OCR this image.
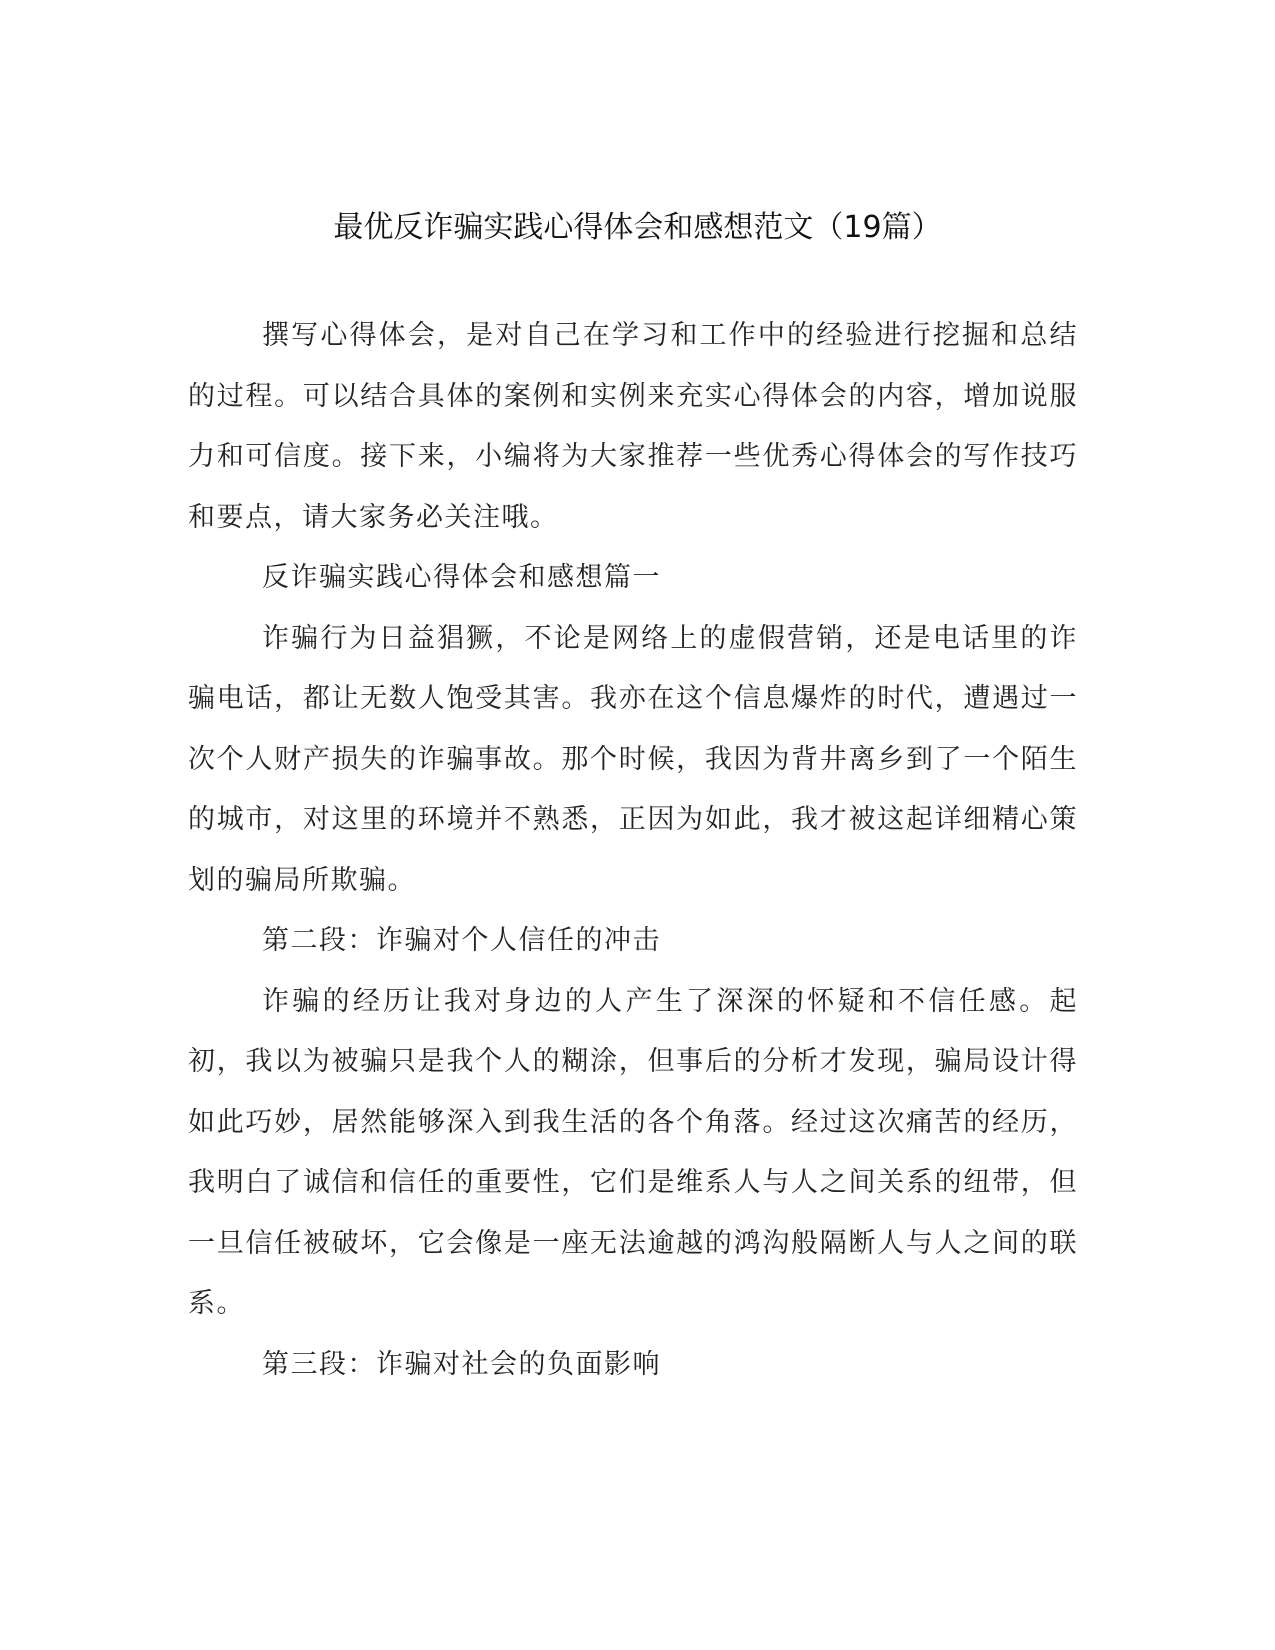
最优反诈骗实践心得体会和感想范文（19篇）

撰写心得体会，是对自己在学习和工作中的经验进行挖掘和总结的过程。可以结合具体的案例和实例来充实心得体会的内容，增加说服力和可信度。接下来，小编将为大家推荐一些优秀心得体会的写作技巧和要点，请大家务必关注哦。

反诈骗实践心得体会和感想篇一

诈骗行为日益猖獗，不论是网络上的虚假营销，还是电话里的诈骗电话，都让无数人饱受其害。我亦在这个信息爆炸的时代，遭遇过一次个人财产损失的诈骗事故。那个时候，我因为背井离乡到了一个陌生的城市，对这里的环境并不熟悉，正因为如此，我才被这起详细精心策划的骗局所欺骗。

第二段：诈骗对个人信任的冲击

诈骗的经历让我对身边的人产生了深深的怀疑和不信任感。起初，我以为被骗只是我个人的糊涂，但事后的分析才发现，骗局设计得如此巧妙，居然能够深入到我生活的各个角落。经过这次痛苦的经历，我明白了诚信和信任的重要性，它们是维系人与人之间关系的纽带，但一旦信任被破坏，它会像是一座无法逾越的鸿沟般隔断人与人之间的联系。

第三段：诈骗对社会的负面影响
